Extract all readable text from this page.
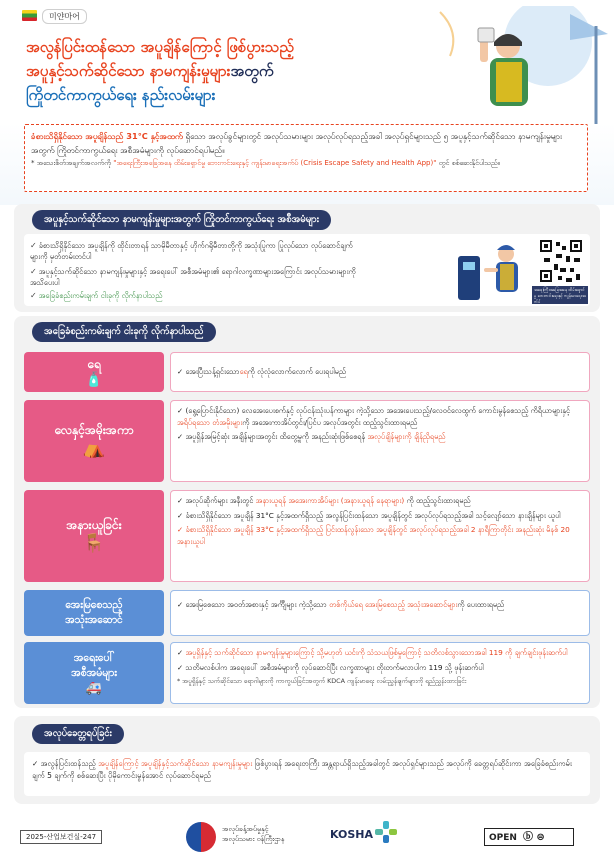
미얀마어
အလွန်ပြင်းထန်သော အပူချိန်ကြောင့် ဖြစ်ပွားသည့်
အပူနှင့်သက်ဆိုင်သော နာမကျန်းမှုများအတွက်
ကြိုတင်ကာကွယ်ရေး နည်းလမ်းများ
ခံစားသိရှိနိုင်သော အပူချိန်သည် 31°C နှင့်အထက် ရှိသော အလုပ်ခွင်များတွင် အလုပ်သမားများ အလုပ်လုပ်ရသည့်အခါ အလုပ်ရှင်များသည် ၅ အပူနှင့်သက်ဆိုင်သော နာမကျန်းမှုများအတွက် ကြိုတင်ကာကွယ်ရေး အစီအမံများကို လုပ်ဆောင်ရပါမည်။
* အသေးစိတ်အချက်အလက်ကို "အရေးကြီးအခြေအနေ ထိမ်းရှောင်မှု ဘေးကင်းရေးနှင့် ကျန်းမာရေးအက်ပ် (Crisis Escape Safety and Health App)" တွင် စစ်ဆေးနိုင်ပါသည်။
အပူနှင့်သက်ဆိုင်သော နာမကျန်းမှုများအတွက် ကြိုတင်ကာကွယ်ရေး အစီအမံများ
✓ ခံစားသိရှိနိုင်သော အပူချိန်ကို ထိုင်းတာရန် သာမိုမီတာနှင့် ဟိုက်ဂရိုမီတာတို့ကို အသုံးပြုကာ ပြုလုပ်သော လုပ်ဆောင်ချက်များကို မှတ်တမ်းတင်ပါ
✓ အပူနှင့်သက်ဆိုင်သော နာမကျန်းမှုများနှင့် အရေးပေါ် အစီအမံများ၏ ရောဂါလက္ခဏာများအကြောင်း အလုပ်သမားများကို အသိပေးပါ
✓ အခြေခံစည်းကမ်းချက် ငါးခုကို လိုက်နာပါသည်
အရေးကြီးအခြေအနေ ထိမ်းရှောင်မှု ဘေးကင်းရေးနှင့် ကျန်းမာရေးအက်ပ်
အခြေခံစည်းကမ်းချက် ငါးခုကို လိုက်နာပါသည်
ရေ
🧴	✓ အေးပြီးသန့်ရှင်းသောရေကို လုံလုံလောက်လောက် ပေးရပါမည်
လေနှင့်အမိုးအကာ
⛺
✓ (ရွေ့ပြောင်းနိုင်သော) လေအေးပေးစက်နှင့် လုပ်ငန်းသုံးပန်ကာများ ကဲ့သို့သော အအေးပေးသည့်/လေဝင်လေထွက် ကောင်းမွန်စေသည့် ကိရိယာများနှင့် အရိပ်ရသော တံအမိုးများကို အအေးကာအိပ်တွင်း/ပြင်ပ အလုပ်အတွင်း ထည့်သွင်းထားရမည်
✓ အပူရှိန်အမြင့်ဆုံး အချိန်များအတွင်း ထိတွေ့မှုကို အနည်းဆုံးဖြစ်စေရန် အလုပ်ချိန်များကို ချိန်ညှိရမည်
အနားယူခြင်း
🪑
✓ အလုပ်ဆိုက်များ အနီးတွင် အနားယူရန် အအေးကာအိပ်များ (အနားယူရန် နေရာများ) ကို ထည့်သွင်းထားရမည်
✓ ခံစားသိရှိနိုင်သော အပူချိန် 31°C နှင့်အထက်ရှိသည့် အလွန်ပြင်းထန်သော အပူချိန်တွင် အလုပ်လုပ်ရသည့်အခါ သင့်လျော်သော နားချိန်များ ယူပါ
✓ ခံစားသိရှိနိုင်သော အပူချိန် 33°C နှင့်အထက်ရှိသည့် ပြင်းထန်လွန်းသော အပူချိန်တွင် အလုပ်လုပ်ရသည့်အခါ 2 နာရီကြာတိုင်း အနည်းဆုံး မိနစ် 20 အနားယူပါ
အေးမြစေသည့်
အသုံးအဆောင်
✓ အေးမြစေသော အဝတ်အစားနှင့် အင်္ကျီများ ကဲ့သို့သော တစ်ကိုယ်ရေ အေးမြစေသည့် အသုံးအဆောင်များကို ပေးထားရမည်
အရေးပေါ်
အစီအမံများ
🚑
✓ အပူရှိန်နှင့် သက်ဆိုင်သော နာမကျန်းမှုများကြောင့် သို့မဟုတ် ယင်းကို သံသယဖြစ်မှုကြောင့် သတိလစ်သွားသောအခါ 119 ကို ချက်ချင်းဖုန်းဆက်ပါ
✓ သတိမလစ်ပါက အရေးပေါ် အစီအမံများကို လုပ်ဆောင်ပြီး လက္ခဏာများ တိုးတက်မလာပါက 119 သို့ ဖုန်းဆက်ပါ
* အပူရှိန်နှင့် သက်ဆိုင်သော ရောဂါများကို ကာကွယ်ခြင်းအတွက် KDCA ကျန်းမာရေး လမ်းညွှန်ချက်များကို ရည်ညွှန်းထားခြင်း
အလုပ်ခေတ္တရပ်ခြင်း
✓ အလွန်ပြင်းထန်သည့် အပူချိန်ကြောင့် အပူချိန်နှင့်သက်ဆိုင်သော နာမကျန်းမှုများ ဖြစ်ပွားရန် အရေးတကြီး အန္တရာယ်ရှိသည့်အခါတွင် အလုပ်ရှင်များသည် အလုပ်ကို ခေတ္တရပ်ဆိုင်းကာ အခြေခံစည်းကမ်းချက် 5 ချက်ကို စစ်ဆေးပြီး ပိုမိုကောင်းမွန်အောင် လုပ်ဆောင်ရမည်
2025-산업보건실-247
အလုပ်ခန့်အပ်မှုနှင့်
အလုပ်သမား ဝန်ကြီးဌာန	KOSHA	OPEN ⓑ ⊜
